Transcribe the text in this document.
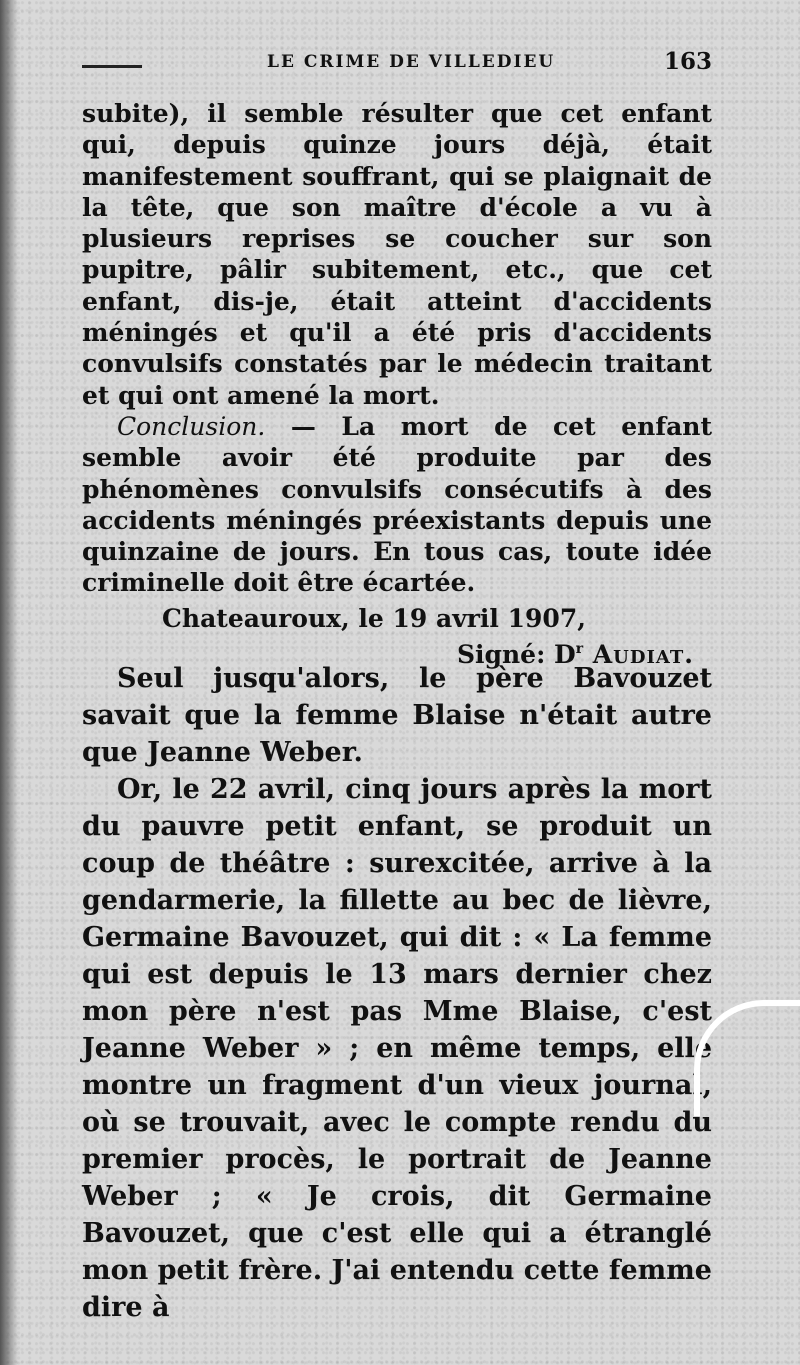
LE CRIME DE VILLEDIEU	163

subite), il semble résulter que cet enfant qui, depuis quinze jours déjà, était manifestement souffrant, qui se plaignait de la tête, que son maître d'école a vu à plusieurs reprises se coucher sur son pupitre, pâlir subitement, etc., que cet enfant, dis-je, était atteint d'accidents méningés et qu'il a été pris d'accidents convulsifs constatés par le médecin traitant et qui ont amené la mort.

Conclusion. — La mort de cet enfant semble avoir été produite par des phénomènes convulsifs consécutifs à des accidents méningés préexistants depuis une quinzaine de jours. En tous cas, toute idée criminelle doit être écartée.

Chateauroux, le 19 avril 1907,

Signé: $D^r$ Audiat.

Seul jusqu'alors, le père Bavouzet savait que la femme Blaise n'était autre que Jeanne Weber.

Or, le 22 avril, cinq jours après la mort du pauvre petit enfant, se produit un coup de théâtre : surexcitée, arrive à la gendarmerie, la fillette au bec de lièvre, Germaine Bavouzet, qui dit : « La femme qui est depuis le 13 mars dernier chez mon père n'est pas Mme Blaise, c'est Jeanne Weber » ; en même temps, elle montre un fragment d'un vieux journal, où se trouvait, avec le compte rendu du premier procès, le portrait de Jeanne Weber ; « Je crois, dit Germaine Bavouzet, que c'est elle qui a étranglé mon petit frère. J'ai entendu cette femme dire à
